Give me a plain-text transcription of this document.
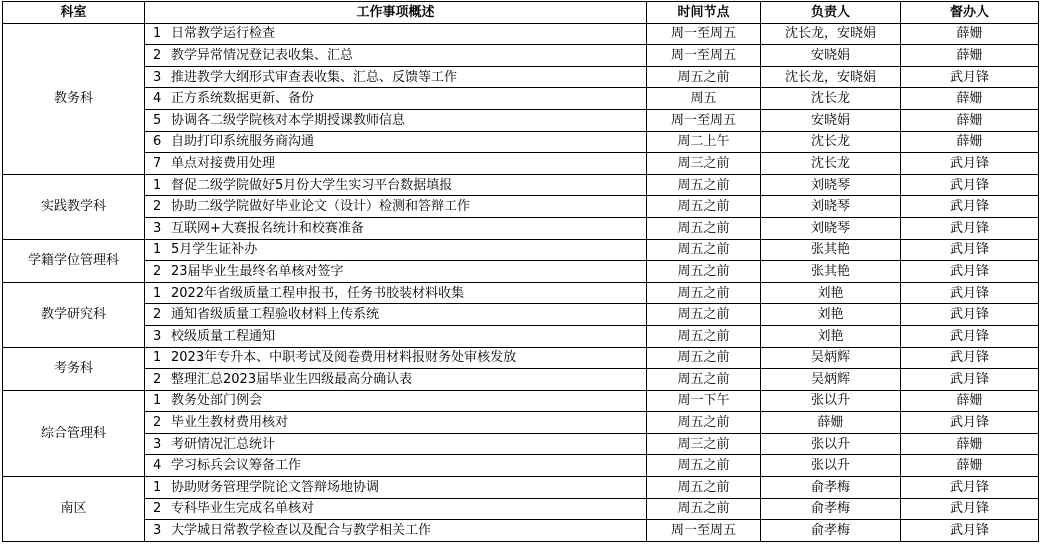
科室	工作事项概述	时间节点	负责人	督办人
教务科	1 日常教学运行检查	周一至周五	沈长龙，安晓娟	薛姗
	2 教学异常情况登记表收集、汇总	周一至周五	安晓娟	薛姗
	3 推进教学大纲形式审查表收集、汇总、反馈等工作	周五之前	沈长龙，安晓娟	武月锋
	4 正方系统数据更新、备份	周五	沈长龙	薛姗
	5 协调各二级学院核对本学期授课教师信息	周一至周五	安晓娟	薛姗
	6 自助打印系统服务商沟通	周二上午	沈长龙	薛姗
	7 单点对接费用处理	周三之前	沈长龙	武月锋
实践教学科	1 督促二级学院做好5月份大学生实习平台数据填报	周五之前	刘晓琴	武月锋
	2 协助二级学院做好毕业论文（设计）检测和答辩工作	周五之前	刘晓琴	武月锋
	3 互联网+大赛报名统计和校赛准备	周五之前	刘晓琴	武月锋
学籍学位管理科	1 5月学生证补办	周五之前	张其艳	武月锋
	2 23届毕业生最终名单核对签字	周五之前	张其艳	武月锋
教学研究科	1 2022年省级质量工程申报书，任务书胶装材料收集	周五之前	刘艳	武月锋
	2 通知省级质量工程验收材料上传系统	周五之前	刘艳	武月锋
	3 校级质量工程通知	周五之前	刘艳	武月锋
考务科	1 2023年专升本、中职考试及阅卷费用材料报财务处审核发放	周五之前	吴炳辉	武月锋
	2 整理汇总2023届毕业生四级最高分确认表	周五之前	吴炳辉	武月锋
综合管理科	1 教务处部门例会	周一下午	张以升	薛姗
	2 毕业生教材费用核对	周五之前	薛姗	武月锋
	3 考研情况汇总统计	周三之前	张以升	薛姗
	4 学习标兵会议筹备工作	周五之前	张以升	薛姗
南区	1 协助财务管理学院论文答辩场地协调	周五之前	俞孝梅	武月锋
	2 专科毕业生完成名单核对	周五之前	俞孝梅	武月锋
	3 大学城日常教学检查以及配合与教学相关工作	周一至周五	俞孝梅	武月锋
